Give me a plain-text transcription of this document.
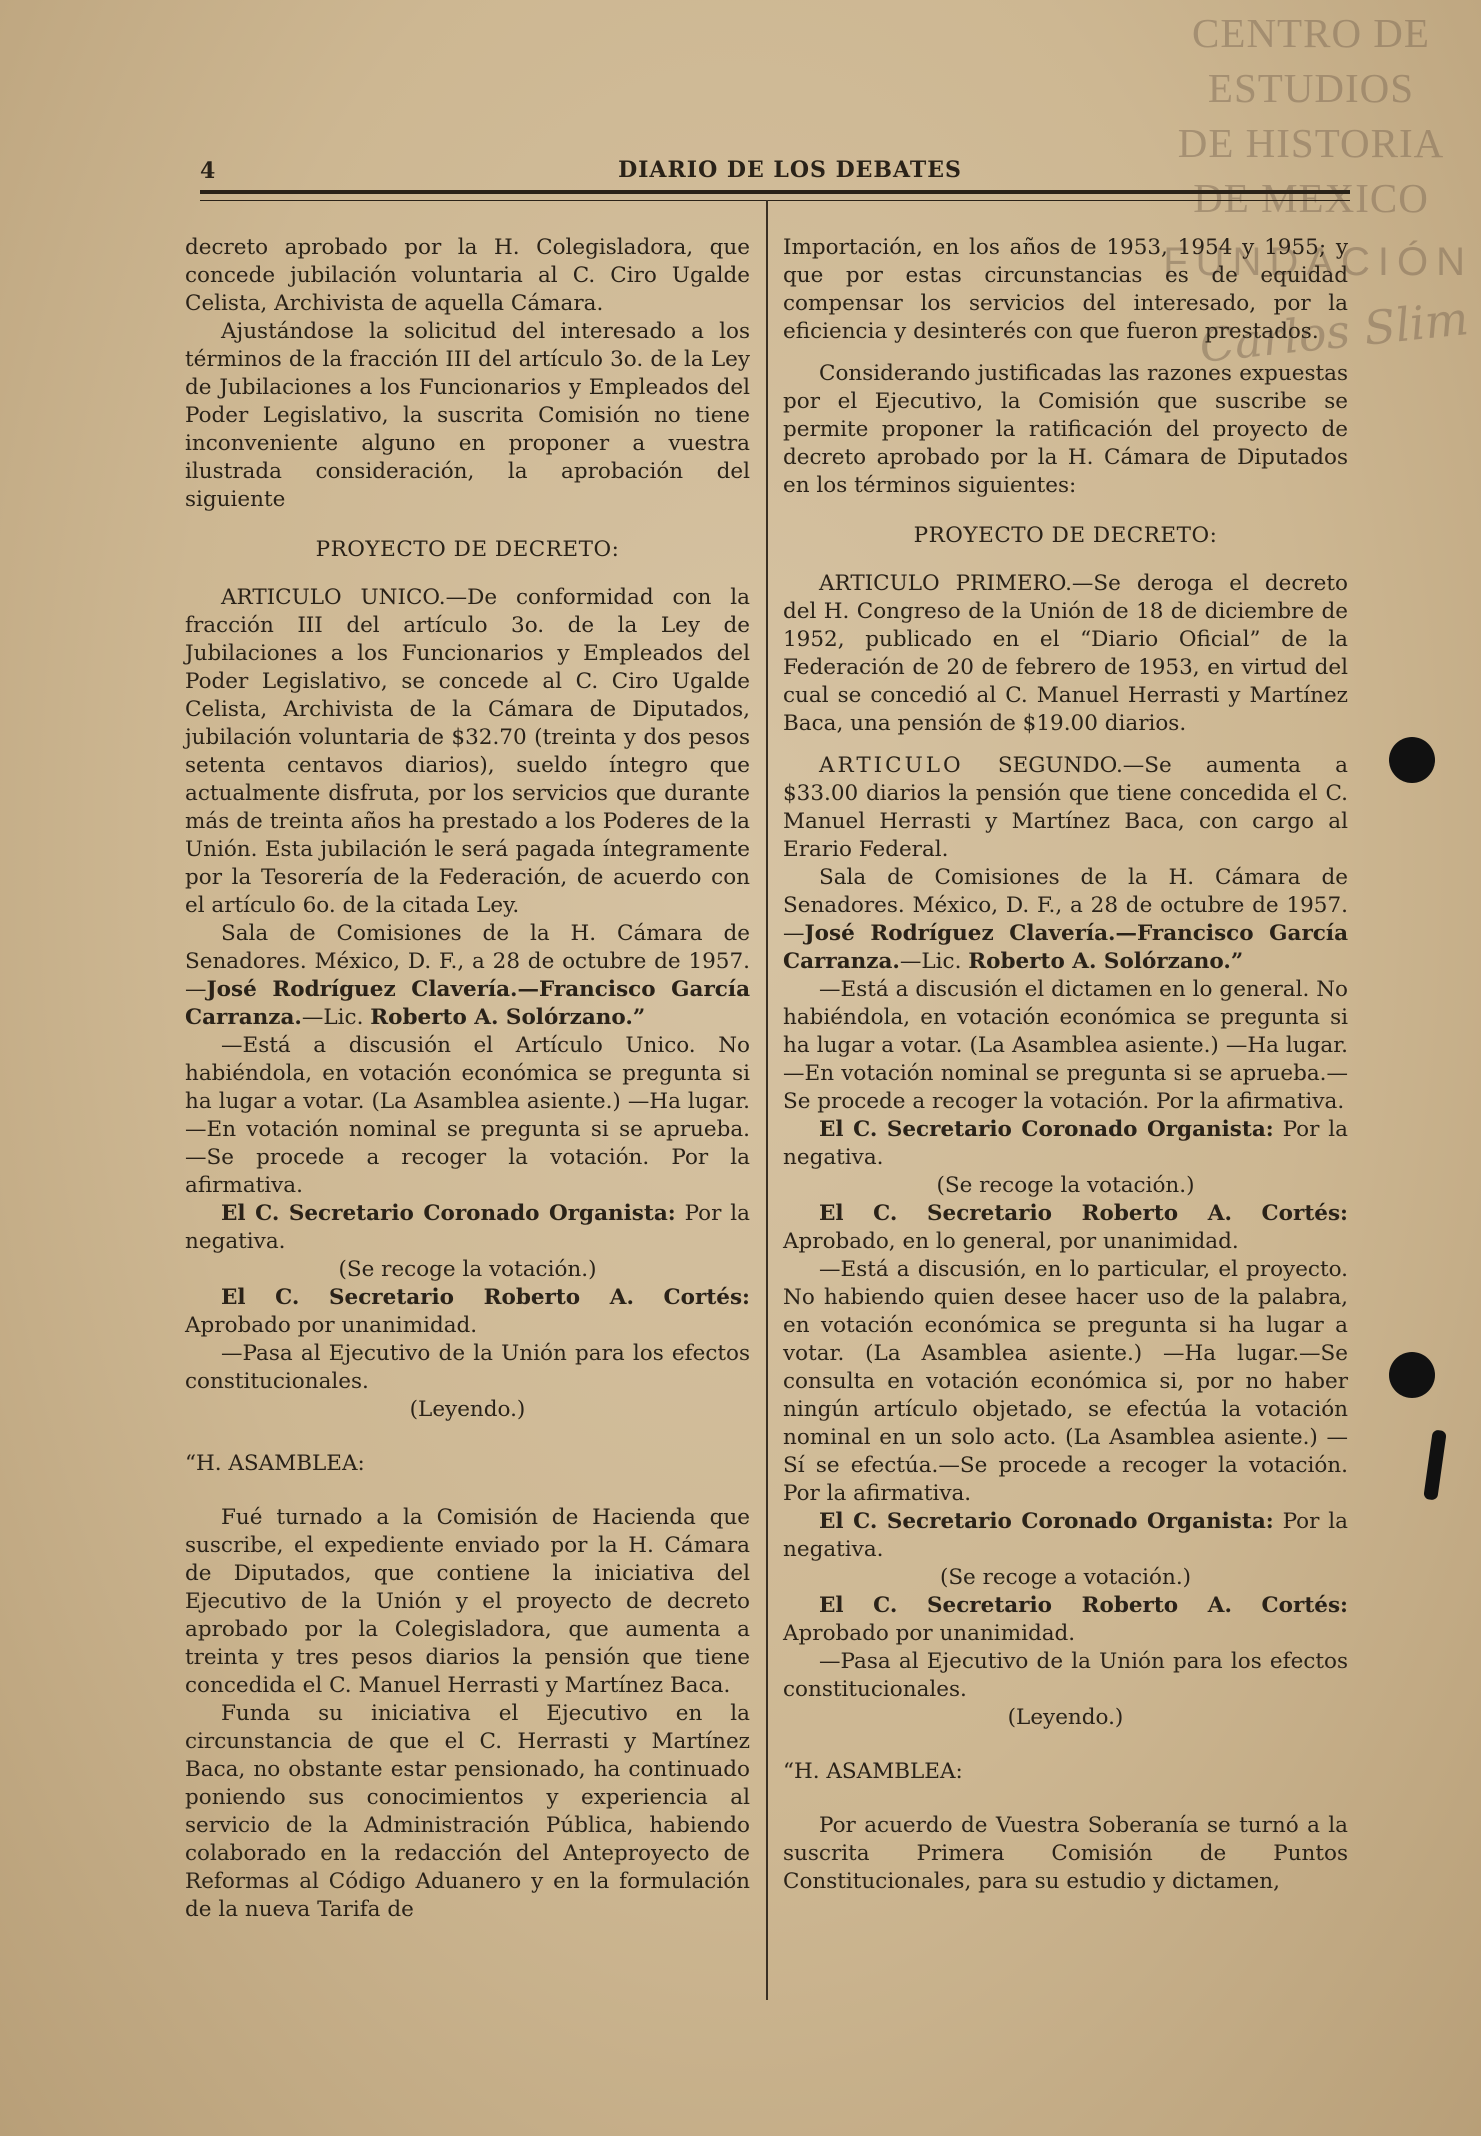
CENTRO DE
ESTUDIOS
DE HISTORIA
DE MEXICO
FUNDACIÓN
Carlos Slim
4	DIARIO DE LOS DEBATES

decreto aprobado por la H. Colegisladora, que concede jubilación voluntaria al C. Ciro Ugalde Celista, Archivista de aquella Cámara.

Ajustándose la solicitud del interesado a los términos de la fracción III del artículo 3o. de la Ley de Jubilaciones a los Funcionarios y Empleados del Poder Legislativo, la suscrita Comisión no tiene inconveniente alguno en proponer a vuestra ilustrada consideración, la aprobación del siguiente

PROYECTO DE DECRETO:

ARTICULO UNICO.—De conformidad con la fracción III del artículo 3o. de la Ley de Jubilaciones a los Funcionarios y Empleados del Poder Legislativo, se concede al C. Ciro Ugalde Celista, Archivista de la Cámara de Diputados, jubilación voluntaria de $32.70 (treinta y dos pesos setenta centavos diarios), sueldo íntegro que actualmente disfruta, por los servicios que durante más de treinta años ha prestado a los Poderes de la Unión. Esta jubilación le será pagada íntegramente por la Tesorería de la Federación, de acuerdo con el artículo 6o. de la citada Ley.

Sala de Comisiones de la H. Cámara de Senadores. México, D. F., a 28 de octubre de 1957.—José Rodríguez Clavería.—Francisco García Carranza.—Lic. Roberto A. Solórzano.”

—Está a discusión el Artículo Unico. No habiéndola, en votación económica se pregunta si ha lugar a votar. (La Asamblea asiente.) —Ha lugar. —En votación nominal se pregunta si se aprueba. —Se procede a recoger la votación. Por la afirmativa.

El C. Secretario Coronado Organista: Por la negativa.

(Se recoge la votación.)

El C. Secretario Roberto A. Cortés: Aprobado por unanimidad.

—Pasa al Ejecutivo de la Unión para los efectos constitucionales.

(Leyendo.)

“H. ASAMBLEA:

Fué turnado a la Comisión de Hacienda que suscribe, el expediente enviado por la H. Cámara de Diputados, que contiene la iniciativa del Ejecutivo de la Unión y el proyecto de decreto aprobado por la Colegisladora, que aumenta a treinta y tres pesos diarios la pensión que tiene concedida el C. Manuel Herrasti y Martínez Baca.

Funda su iniciativa el Ejecutivo en la circunstancia de que el C. Herrasti y Martínez Baca, no obstante estar pensionado, ha continuado poniendo sus conocimientos y experiencia al servicio de la Administración Pública, habiendo colaborado en la redacción del Anteproyecto de Reformas al Código Aduanero y en la formulación de la nueva Tarifa de

Importación, en los años de 1953, 1954 y 1955; y que por estas circunstancias es de equidad compensar los servicios del interesado, por la eficiencia y desinterés con que fueron prestados.

Considerando justificadas las razones expuestas por el Ejecutivo, la Comisión que suscribe se permite proponer la ratificación del proyecto de decreto aprobado por la H. Cámara de Diputados en los términos siguientes:

PROYECTO DE DECRETO:

ARTICULO PRIMERO.—Se deroga el decreto del H. Congreso de la Unión de 18 de diciembre de 1952, publicado en el “Diario Oficial” de la Federación de 20 de febrero de 1953, en virtud del cual se concedió al C. Manuel Herrasti y Martínez Baca, una pensión de $19.00 diarios.

ARTICULO SEGUNDO.—Se aumenta a $33.00 diarios la pensión que tiene concedida el C. Manuel Herrasti y Martínez Baca, con cargo al Erario Federal.

Sala de Comisiones de la H. Cámara de Senadores. México, D. F., a 28 de octubre de 1957.—José Rodríguez Clavería.—Francisco García Carranza.—Lic. Roberto A. Solórzano.”

—Está a discusión el dictamen en lo general. No habiéndola, en votación económica se pregunta si ha lugar a votar. (La Asamblea asiente.) —Ha lugar.—En votación nominal se pregunta si se aprueba.—Se procede a recoger la votación. Por la afirmativa.

El C. Secretario Coronado Organista: Por la negativa.

(Se recoge la votación.)

El C. Secretario Roberto A. Cortés: Aprobado, en lo general, por unanimidad.

—Está a discusión, en lo particular, el proyecto. No habiendo quien desee hacer uso de la palabra, en votación económica se pregunta si ha lugar a votar. (La Asamblea asiente.) —Ha lugar.—Se consulta en votación económica si, por no haber ningún artículo objetado, se efectúa la votación nominal en un solo acto. (La Asamblea asiente.) —Sí se efectúa.—Se procede a recoger la votación. Por la afirmativa.

El C. Secretario Coronado Organista: Por la negativa.

(Se recoge a votación.)

El C. Secretario Roberto A. Cortés: Aprobado por unanimidad.

—Pasa al Ejecutivo de la Unión para los efectos constitucionales.

(Leyendo.)

“H. ASAMBLEA:

Por acuerdo de Vuestra Soberanía se turnó a la suscrita Primera Comisión de Puntos Constitucionales, para su estudio y dictamen,
